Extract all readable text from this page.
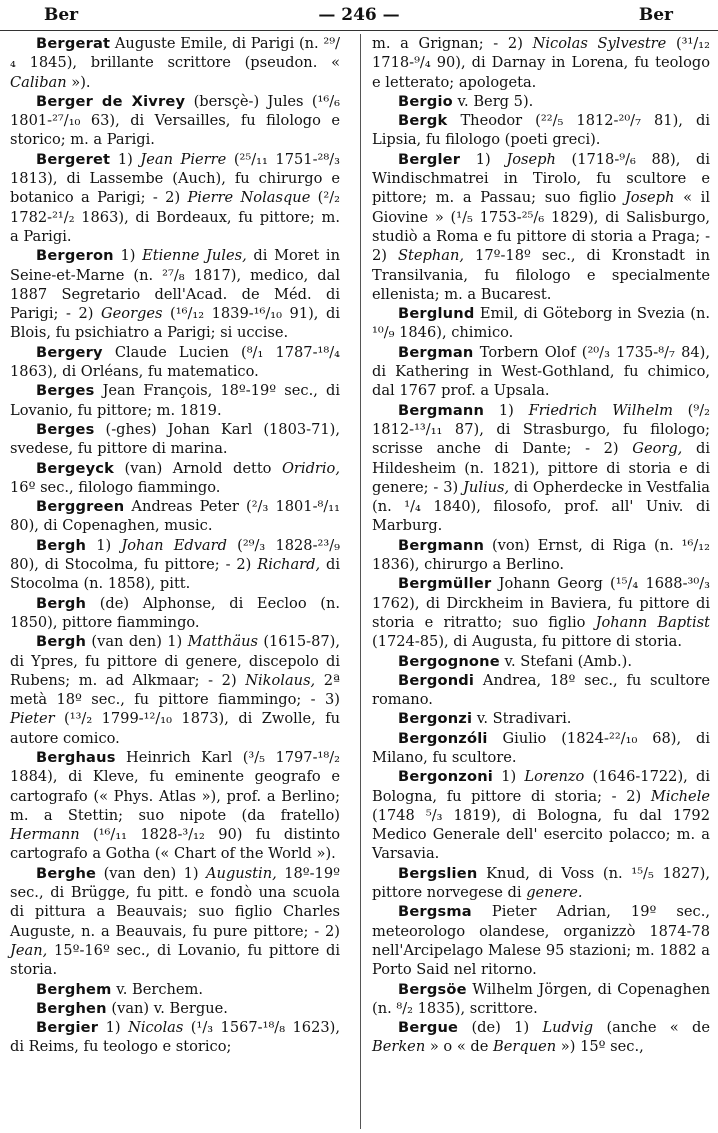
— 246 —
Ber	Ber

Bergerat Auguste Emile, di Parigi (n. ²⁹/₄ 1845), brillante scrittore (pseudon. « Caliban »).

Berger de Xivrey (bersçè-) Jules (¹⁶/₆ 1801-²⁷/₁₀ 63), di Versailles, fu filologo e storico; m. a Parigi.

Bergeret 1) Jean Pierre (²⁵/₁₁ 1751-²⁸/₃ 1813), di Lassembe (Auch), fu chirurgo e botanico a Parigi; - 2) Pierre Nolasque (²/₂ 1782-²¹/₂ 1863), di Bordeaux, fu pittore; m. a Parigi.

Bergeron 1) Etienne Jules, di Moret in Seine-et-Marne (n. ²⁷/₈ 1817), medico, dal 1887 Segretario dell'Acad. de Méd. di Parigi; - 2) Georges (¹⁶/₁₂ 1839-¹⁶/₁₀ 91), di Blois, fu psichiatro a Parigi; si uccise.

Bergery Claude Lucien (⁸/₁ 1787-¹⁸/₄ 1863), di Orléans, fu matematico.

Berges Jean François, 18º-19º sec., di Lovanio, fu pittore; m. 1819.

Berges (-ghes) Johan Karl (1803-71), svedese, fu pittore di marina.

Bergeyck (van) Arnold detto Oridrio, 16º sec., filologo fiammingo.

Berggreen Andreas Peter (²/₃ 1801-⁸/₁₁ 80), di Copenaghen, music.

Bergh 1) Johan Edvard (²⁹/₃ 1828-²³/₉ 80), di Stocolma, fu pittore; - 2) Richard, di Stocolma (n. 1858), pitt.

Bergh (de) Alphonse, di Eecloo (n. 1850), pittore fiammingo.

Bergh (van den) 1) Matthäus (1615-87), di Ypres, fu pittore di genere, discepolo di Rubens; m. ad Alkmaar; - 2) Nikolaus, 2ª metà 18º sec., fu pittore fiammingo; - 3) Pieter (¹³/₂ 1799-¹²/₁₀ 1873), di Zwolle, fu autore comico.

Berghaus Heinrich Karl (³/₅ 1797-¹⁸/₂ 1884), di Kleve, fu eminente geografo e cartografo (« Phys. Atlas »), prof. a Berlino; m. a Stettin; suo nipote (da fratello) Hermann (¹⁶/₁₁ 1828-³/₁₂ 90) fu distinto cartografo a Gotha (« Chart of the World »).

Berghe (van den) 1) Augustin, 18º-19º sec., di Brügge, fu pitt. e fondò una scuola di pittura a Beauvais; suo figlio Charles Auguste, n. a Beauvais, fu pure pittore; - 2) Jean, 15º-16º sec., di Lovanio, fu pittore di storia.

Berghem v. Berchem.

Berghen (van) v. Bergue.

Bergier 1) Nicolas (¹/₃ 1567-¹⁸/₈ 1623), di Reims, fu teologo e storico;

m. a Grignan; - 2) Nicolas Sylvestre (³¹/₁₂ 1718-⁹/₄ 90), di Darnay in Lorena, fu teologo e letterato; apologeta.

Bergio v. Berg 5).

Bergk Theodor (²²/₅ 1812-²⁰/₇ 81), di Lipsia, fu filologo (poeti greci).

Bergler 1) Joseph (1718-⁹/₆ 88), di Windischmatrei in Tirolo, fu scultore e pittore; m. a Passau; suo figlio Joseph « il Giovine » (¹/₅ 1753-²⁵/₆ 1829), di Salisburgo, studiò a Roma e fu pittore di storia a Praga; - 2) Stephan, 17º-18º sec., di Kronstadt in Transilvania, fu filologo e specialmente ellenista; m. a Bucarest.

Berglund Emil, di Göteborg in Svezia (n. ¹⁰/₉ 1846), chimico.

Bergman Torbern Olof (²⁰/₃ 1735-⁸/₇ 84), di Kathering in West-Gothland, fu chimico, dal 1767 prof. a Upsala.

Bergmann 1) Friedrich Wilhelm (⁹/₂ 1812-¹³/₁₁ 87), di Strasburgo, fu filologo; scrisse anche di Dante; - 2) Georg, di Hildesheim (n. 1821), pittore di storia e di genere; - 3) Julius, di Opherdecke in Vestfalia (n. ¹/₄ 1840), filosofo, prof. all' Univ. di Marburg.

Bergmann (von) Ernst, di Riga (n. ¹⁶/₁₂ 1836), chirurgo a Berlino.

Bergmüller Johann Georg (¹⁵/₄ 1688-³⁰/₃ 1762), di Dirckheim in Baviera, fu pittore di storia e ritratto; suo figlio Johann Baptist (1724-85), di Augusta, fu pittore di storia.

Bergognone v. Stefani (Amb.).

Bergondi Andrea, 18º sec., fu scultore romano.

Bergonzi v. Stradivari.

Bergonzóli Giulio (1824-²²/₁₀ 68), di Milano, fu scultore.

Bergonzoni 1) Lorenzo (1646-1722), di Bologna, fu pittore di storia; - 2) Michele (1748 ⁵/₃ 1819), di Bologna, fu dal 1792 Medico Generale dell' esercito polacco; m. a Varsavia.

Bergslien Knud, di Voss (n. ¹⁵/₅ 1827), pittore norvegese di genere.

Bergsma Pieter Adrian, 19º sec., meteorologo olandese, organizzò 1874-78 nell'Arcipelago Malese 95 stazioni; m. 1882 a Porto Said nel ritorno.

Bergsöe Wilhelm Jörgen, di Copenaghen (n. ⁸/₂ 1835), scrittore.

Bergue (de) 1) Ludvig (anche « de Berken » o « de Berquen ») 15º sec.,
